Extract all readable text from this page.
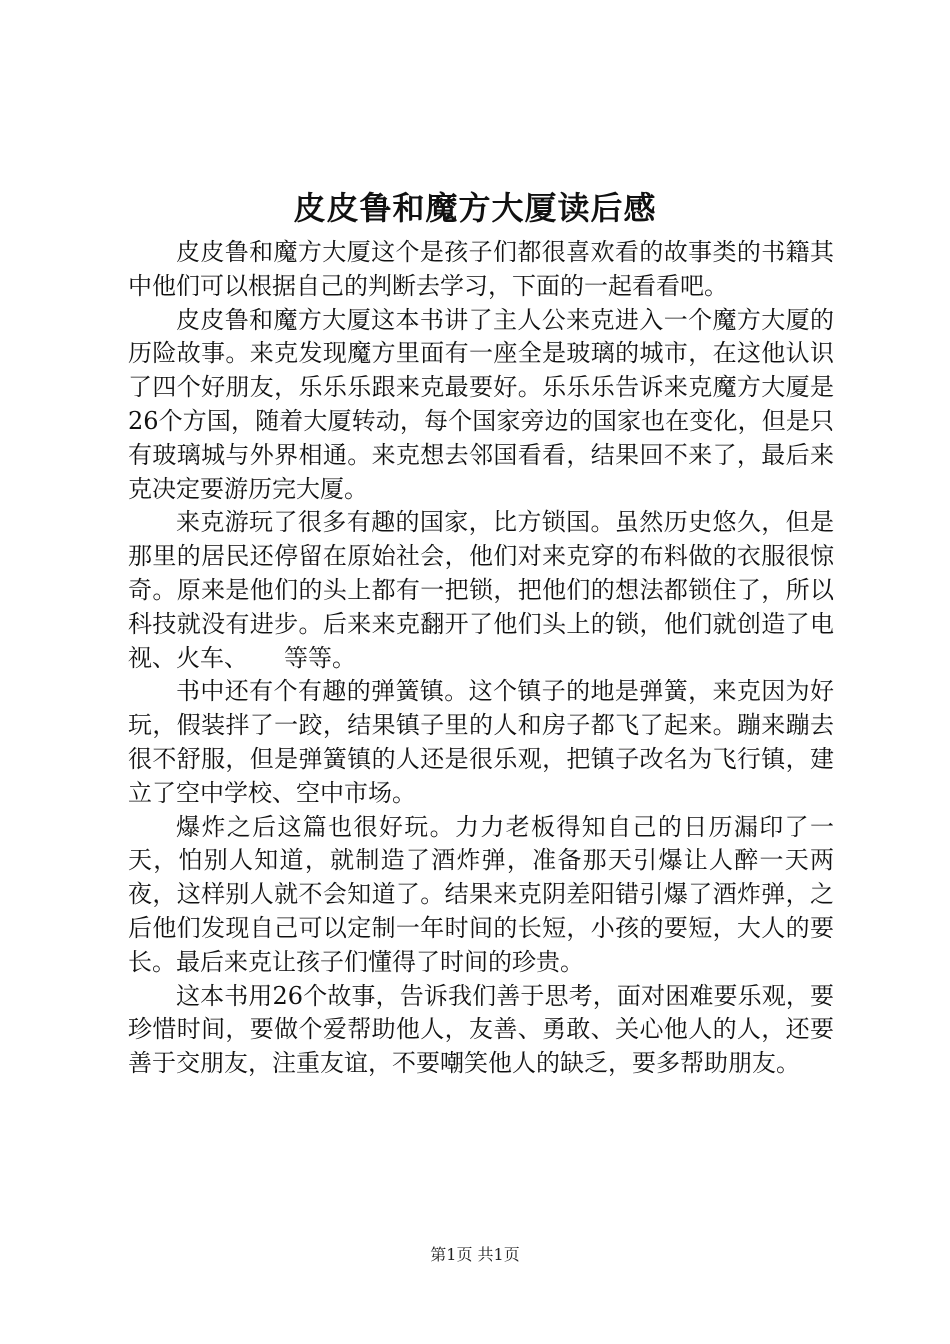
皮皮鲁和魔方大厦读后感

皮皮鲁和魔方大厦这个是孩子们都很喜欢看的故事类的书籍其中他们可以根据自己的判断去学习，下面的一起看看吧。

皮皮鲁和魔方大厦这本书讲了主人公来克进入一个魔方大厦的历险故事。来克发现魔方里面有一座全是玻璃的城市，在这他认识了四个好朋友，乐乐乐跟来克最要好。乐乐乐告诉来克魔方大厦是26个方国，随着大厦转动，每个国家旁边的国家也在变化，但是只有玻璃城与外界相通。来克想去邻国看看，结果回不来了，最后来克决定要游历完大厦。

来克游玩了很多有趣的国家，比方锁国。虽然历史悠久，但是那里的居民还停留在原始社会，他们对来克穿的布料做的衣服很惊奇。原来是他们的头上都有一把锁，把他们的想法都锁住了，所以科技就没有进步。后来来克翻开了他们头上的锁，他们就创造了电视、火车、　　等等。

书中还有个有趣的弹簧镇。这个镇子的地是弹簧，来克因为好玩，假装拌了一跤，结果镇子里的人和房子都飞了起来。蹦来蹦去很不舒服，但是弹簧镇的人还是很乐观，把镇子改名为飞行镇，建立了空中学校、空中市场。

爆炸之后这篇也很好玩。力力老板得知自己的日历漏印了一天，怕别人知道，就制造了酒炸弹，准备那天引爆让人醉一天两夜，这样别人就不会知道了。结果来克阴差阳错引爆了酒炸弹，之后他们发现自己可以定制一年时间的长短，小孩的要短，大人的要长。最后来克让孩子们懂得了时间的珍贵。

这本书用26个故事，告诉我们善于思考，面对困难要乐观，要珍惜时间，要做个爱帮助他人，友善、勇敢、关心他人的人，还要善于交朋友，注重友谊，不要嘲笑他人的缺乏，要多帮助朋友。

第1页 共1页
